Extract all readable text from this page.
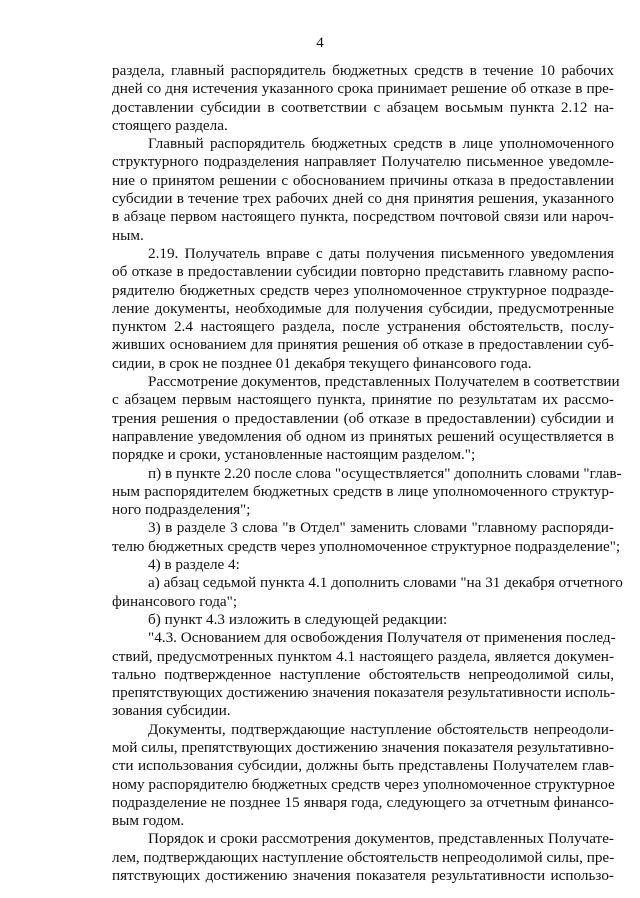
4
раздела, главный распорядитель бюджетных средств в течение 10 рабочих
дней со дня истечения указанного срока принимает решение об отказе в пре-
доставлении субсидии в соответствии с абзацем восьмым пункта 2.12 на-
стоящего раздела.
Главный распорядитель бюджетных средств в лице уполномоченного
структурного подразделения направляет Получателю письменное уведомле-
ние о принятом решении с обоснованием причины отказа в предоставлении
субсидии в течение трех рабочих дней со дня принятия решения, указанного
в абзаце первом настоящего пункта, посредством почтовой связи или нароч-
ным.
2.19. Получатель вправе с даты получения письменного уведомления
об отказе в предоставлении субсидии повторно представить главному распо-
рядителю бюджетных средств через уполномоченное структурное подразде-
ление документы, необходимые для получения субсидии, предусмотренные
пунктом 2.4 настоящего раздела, после устранения обстоятельств, послу-
живших основанием для принятия решения об отказе в предоставлении суб-
сидии, в срок не позднее 01 декабря текущего финансового года.
Рассмотрение документов, представленных Получателем в соответствии
с абзацем первым настоящего пункта, принятие по результатам их рассмо-
трения решения о предоставлении (об отказе в предоставлении) субсидии и
направление уведомления об одном из принятых решений осуществляется в
порядке и сроки, установленные настоящим разделом.";
п) в пункте 2.20 после слова "осуществляется" дополнить словами "глав-
ным распорядителем бюджетных средств в лице уполномоченного структур-
ного подразделения";
3) в разделе 3 слова "в Отдел" заменить словами "главному распоряди-
телю бюджетных средств через уполномоченное структурное подразделение";
4) в разделе 4:
а) абзац седьмой пункта 4.1 дополнить словами "на 31 декабря отчетного
финансового года";
б) пункт 4.3 изложить в следующей редакции:
"4.3. Основанием для освобождения Получателя от применения послед-
ствий, предусмотренных пунктом 4.1 настоящего раздела, является докумен-
тально подтвержденное наступление обстоятельств непреодолимой силы,
препятствующих достижению значения показателя результативности исполь-
зования субсидии.
Документы, подтверждающие наступление обстоятельств непреодоли-
мой силы, препятствующих достижению значения показателя результативно-
сти использования субсидии, должны быть представлены Получателем глав-
ному распорядителю бюджетных средств через уполномоченное структурное
подразделение не позднее 15 января года, следующего за отчетным финансо-
вым годом.
Порядок и сроки рассмотрения документов, представленных Получате-
лем, подтверждающих наступление обстоятельств непреодолимой силы, пре-
пятствующих достижению значения показателя результативности использо-
